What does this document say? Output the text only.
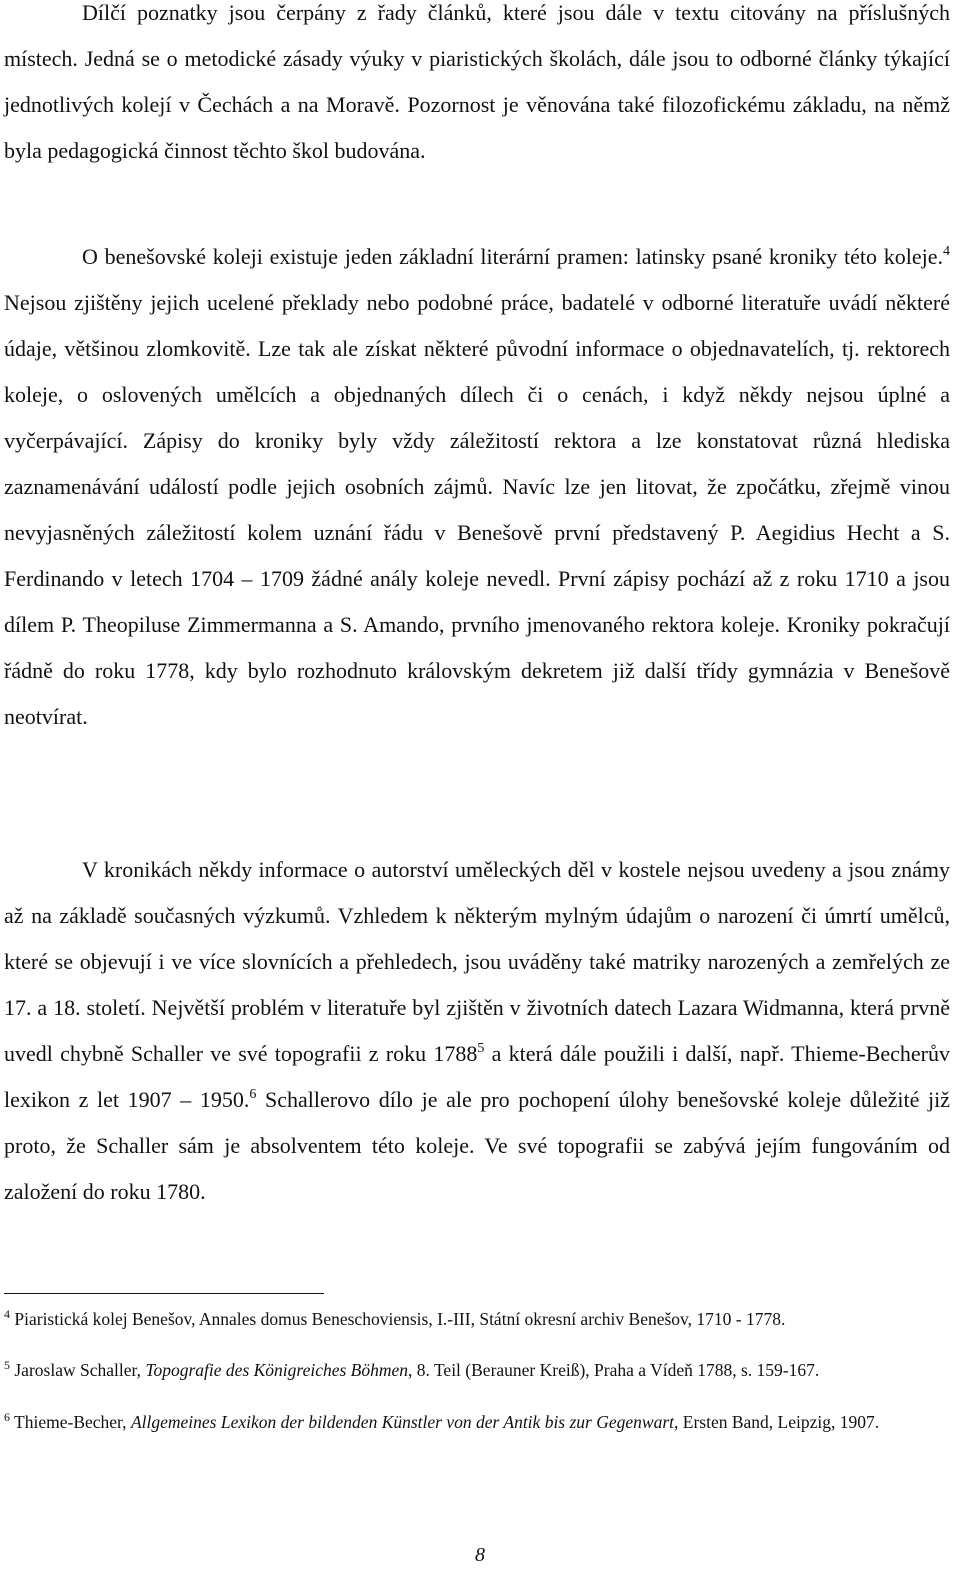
Dílčí poznatky jsou čerpány z řady článků, které jsou dále v textu citovány na příslušných místech. Jedná se o metodické zásady výuky v piaristických školách, dále jsou to odborné články týkající jednotlivých kolejí v Čechách a na Moravě. Pozornost je věnována také filozofickému základu, na němž byla pedagogická činnost těchto škol budována.

O benešovské koleji existuje jeden základní literární pramen: latinsky psané kroniky této koleje.$^4$ Nejsou zjištěny jejich ucelené překlady nebo podobné práce, badatelé v odborné literatuře uvádí některé údaje, většinou zlomkovitě. Lze tak ale získat některé původní informace o objednavatelích, tj. rektorech koleje, o oslovených umělcích a objednaných dílech či o cenách, i když někdy nejsou úplné a vyčerpávající. Zápisy do kroniky byly vždy záležitostí rektora a lze konstatovat různá hlediska zaznamenávání událostí podle jejich osobních zájmů. Navíc lze jen litovat, že zpočátku, zřejmě vinou nevyjasněných záležitostí kolem uznání řádu v Benešově první představený P. Aegidius Hecht a S. Ferdinando v letech 1704 – 1709 žádné anály koleje nevedl. První zápisy pochází až z roku 1710 a jsou dílem P. Theopiluse Zimmermanna a S. Amando, prvního jmenovaného rektora koleje. Kroniky pokračují řádně do roku 1778, kdy bylo rozhodnuto královským dekretem již další třídy gymnázia v Benešově neotvírat.

V kronikách někdy informace o autorství uměleckých děl v kostele nejsou uvedeny a jsou známy až na základě současných výzkumů. Vzhledem k některým mylným údajům o narození či úmrtí umělců, které se objevují i ve více slovnících a přehledech, jsou uváděny také matriky narozených a zemřelých ze 17. a 18. století. Největší problém v literatuře byl zjištěn v životních datech Lazara Widmanna, která prvně uvedl chybně Schaller ve své topografii z roku 1788$^5$ a která dále použili i další, např. Thieme-Becherův lexikon z let 1907 – 1950.$^6$ Schallerovo dílo je ale pro pochopení úlohy benešovské koleje důležité již proto, že Schaller sám je absolventem této koleje. Ve své topografii se zabývá jejím fungováním od založení do roku 1780.

$^4$ Piaristická kolej Benešov, Annales domus Beneschoviensis, I.-III, Státní okresní archiv Benešov, 1710 - 1778.

$^5$ Jaroslaw Schaller, Topografie des Königreiches Böhmen, 8. Teil (Berauner Kreiß), Praha a Vídeň 1788, s. 159-167.

$^6$ Thieme-Becher, Allgemeines Lexikon der bildenden Künstler von der Antik bis zur Gegenwart, Ersten Band, Leipzig, 1907.

8
